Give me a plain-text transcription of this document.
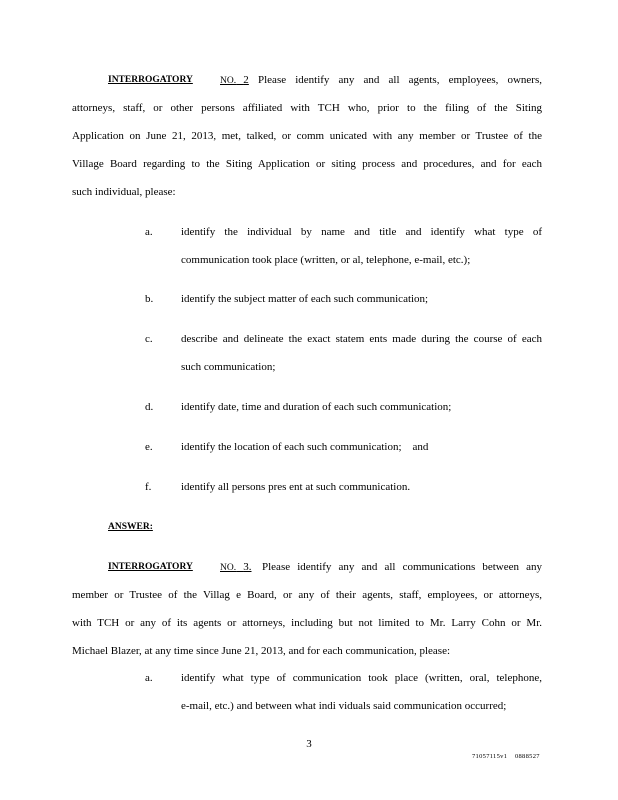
INTERROGATORY	NO. 2 Please identify any and all agents, employees, owners,
attorneys, staff, or other persons affiliated with TCH who, prior to the filing of the Siting
Application on June 21, 2013, met, talked, or comm unicated with any member or Trustee of the
Village Board regarding to the Siting Application or siting process and procedures, and for each
such individual, please:
a.	identify the individual by name and title and identify what type of
communication took place (written, or al, telephone, e-mail, etc.);
b.	identify the subject matter of each such communication;
c.	describe and delineate the exact statem ents made during the course of each
such communication;
d.	identify date, time and duration of each such communication;
e.	identify the location of each such communication;    and
f.	identify all persons pres ent at such communication.
ANSWER:
INTERROGATORY	NO. 3. Please identify any and all communications between any
member or Trustee of the Villag e Board, or any of their agents, staff, employees, or attorneys,
with TCH or any of its agents or attorneys, including but not limited to Mr. Larry Cohn or Mr.
Michael Blazer, at any time since June 21, 2013, and for each communication, please:
a.	identify what type of communication took place (written, oral, telephone,
e-mail, etc.) and between what indi viduals said communication occurred;
3
71057115v1    0888527
